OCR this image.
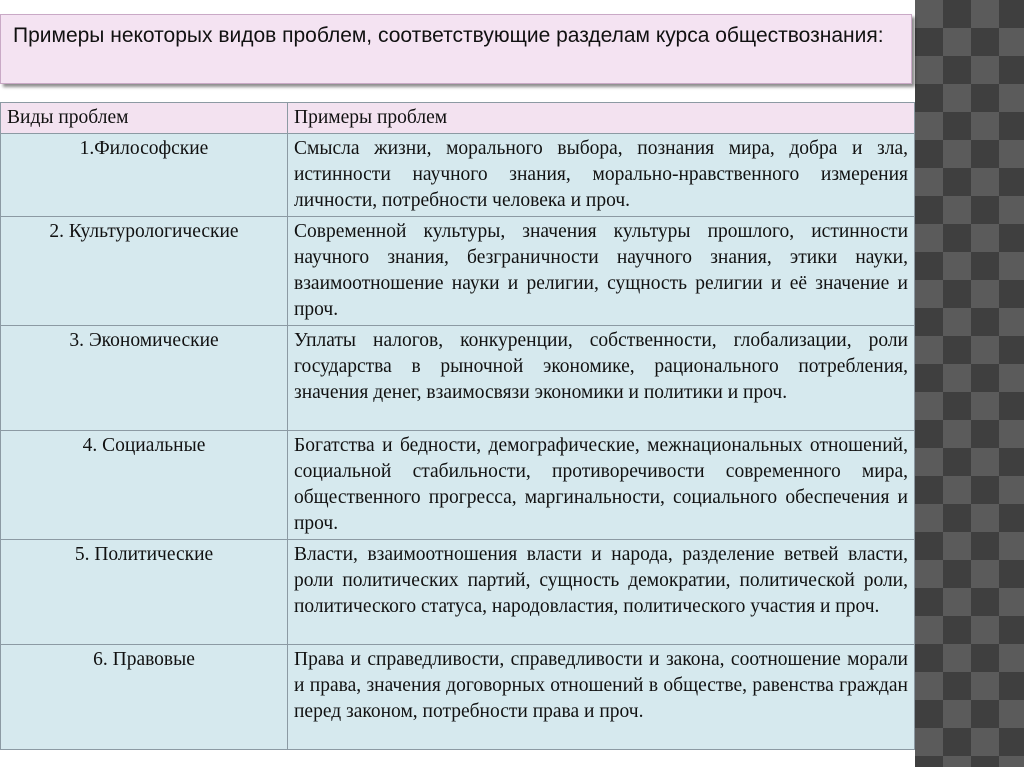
Примеры некоторых видов проблем, соответствующие разделам курса обществознания:
Виды проблем	Примеры проблем
1.Философские	Смысла жизни, морального выбора, познания мира, добра и зла, истинности научного знания, морально-нравственного измерения личности, потребности человека и проч.
2. Культурологические	Современной культуры, значения культуры прошлого, истинности научного знания, безграничности научного знания, этики науки, взаимоотношение науки и религии, сущность религии и её значение и проч.
3. Экономические	Уплаты налогов, конкуренции, собственности, глобализации, роли государства в рыночной экономике, рационального потребления, значения денег, взаимосвязи экономики и политики и проч.
4. Социальные	Богатства и бедности, демографические, межнациональных отношений, социальной стабильности, противоречивости современного мира, общественного прогресса, маргинальности, социального обеспечения и проч.
5. Политические	Власти, взаимоотношения власти и народа, разделение ветвей власти, роли политических партий, сущность демократии, политической роли, политического статуса, народовластия, политического участия и проч.
6. Правовые	Права и справедливости, справедливости и закона, соотношение морали и права, значения договорных отношений в обществе, равенства граждан перед законом, потребности права и проч.
